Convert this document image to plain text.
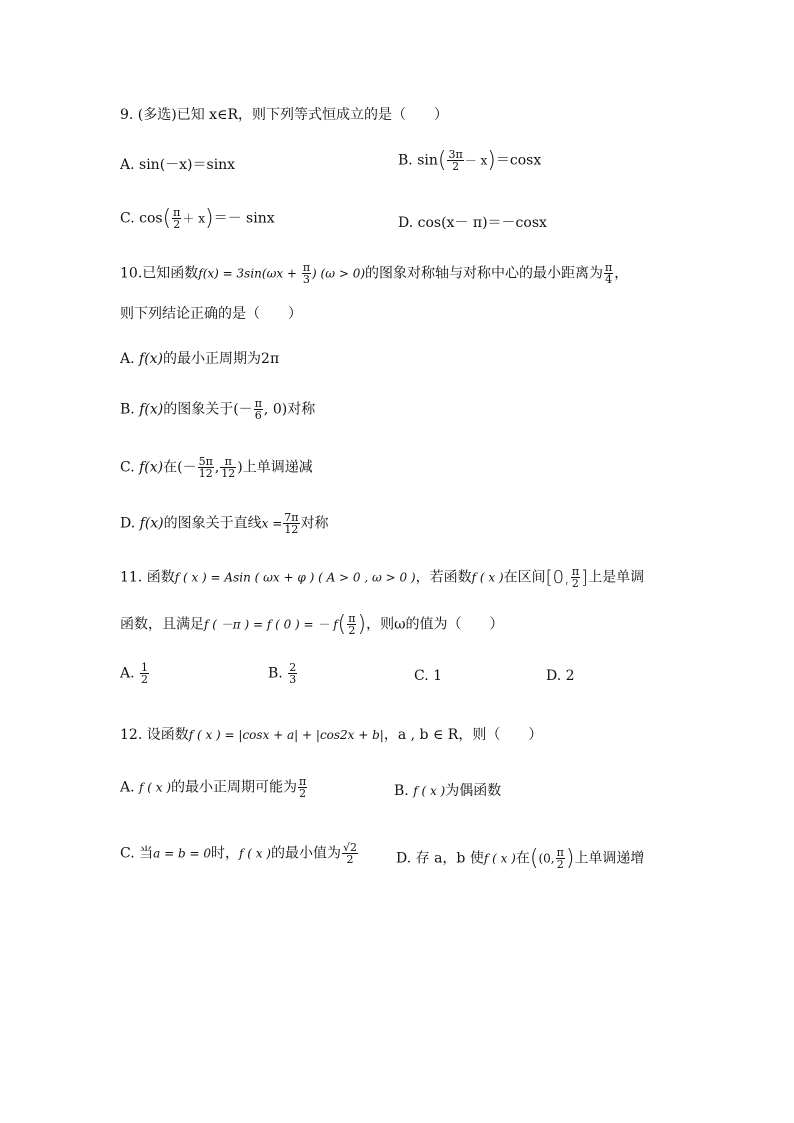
9. (多选)已知 x∈R，则下列等式恒成立的是（　　）
A. sin(－x)＝sinx	B. $\sin( \frac{3\pi}{2} - x)=\cos x$
C. $\cos( \frac{\pi}{2} + x)=- \sin x$	D. cos(x－ π)＝－cosx
10.已知函数$f(x) = 3\sin(\omega x + \frac{\pi}{3}$ ) (ω > 0)的图象对称轴与对称中心的最小距离为 $\frac{\pi}{4}$ ，
则下列结论正确的是（　　）
A. f(x)的最小正周期为2π
B. f(x)的图象关于(－ $\frac{\pi}{6}$ , 0)对称
C. f(x)在(－ $\frac{5\pi}{12}$ , $\frac{\pi}{12}$ )上单调递减
D. f(x)的图象关于直线$x = \frac{7\pi}{12}$ 对称
11. 函数f ( x ) = Asin ( ωx + φ ) ( A > 0 , ω > 0 )，若函数f ( x )在区间[0, $\frac{\pi}{2}$ ]上是单调
函数，且满足f ( －π ) = f ( 0 ) = － $f( \frac{\pi}{2}$ )，则ω的值为（　　）
A. $\frac{1}{2}$	B. $\frac{2}{3}$	C. 1	D. 2
12. 设函数f ( x ) = |cosx + a| + |cos2x + b|，a , b ∈ R，则（　　）
A. f ( x )的最小正周期可能为 $\frac{\pi}{2}$	B. f ( x )为偶函数
C. 当a = b = 0时，f ( x )的最小值为 $\frac{√2}{2}$	D. 存 a，b 使f ( x )在((0, $\frac{\pi}{2}$ )上单调递增
